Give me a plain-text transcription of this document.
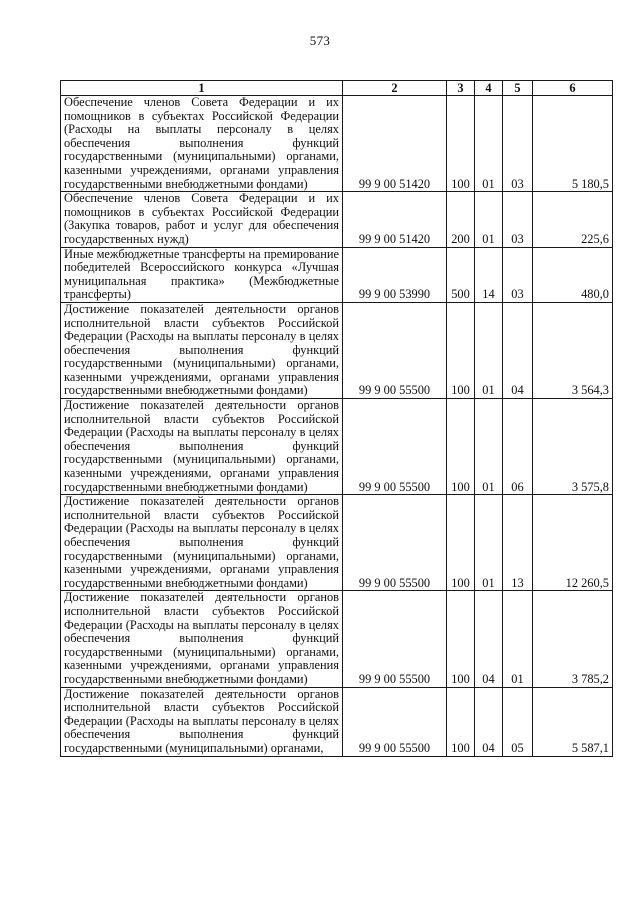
573
1	2	3	4	5	6
Обеспечение членов Совета Федерации и их помощников в субъектах Российской Федерации (Расходы на выплаты персоналу в целях обеспечения выполнения функций государственными (муниципальными) органами, казенными учреждениями, органами управления государственными внебюджетными фондами)	99 9 00 51420	100	01	03	5 180,5
Обеспечение членов Совета Федерации и их помощников в субъектах Российской Федерации (Закупка товаров, работ и услуг для обеспечения государственных нужд)	99 9 00 51420	200	01	03	225,6
Иные межбюджетные трансферты на премирование победителей Всероссийского конкурса «Лучшая муниципальная практика» (Межбюджетные трансферты)	99 9 00 53990	500	14	03	480,0
Достижение показателей деятельности органов исполнительной власти субъектов Российской Федерации (Расходы на выплаты персоналу в целях обеспечения выполнения функций государственными (муниципальными) органами, казенными учреждениями, органами управления государственными внебюджетными фондами)	99 9 00 55500	100	01	04	3 564,3
Достижение показателей деятельности органов исполнительной власти субъектов Российской Федерации (Расходы на выплаты персоналу в целях обеспечения выполнения функций государственными (муниципальными) органами, казенными учреждениями, органами управления государственными внебюджетными фондами)	99 9 00 55500	100	01	06	3 575,8
Достижение показателей деятельности органов исполнительной власти субъектов Российской Федерации (Расходы на выплаты персоналу в целях обеспечения выполнения функций государственными (муниципальными) органами, казенными учреждениями, органами управления государственными внебюджетными фондами)	99 9 00 55500	100	01	13	12 260,5
Достижение показателей деятельности органов исполнительной власти субъектов Российской Федерации (Расходы на выплаты персоналу в целях обеспечения выполнения функций государственными (муниципальными) органами, казенными учреждениями, органами управления государственными внебюджетными фондами)	99 9 00 55500	100	04	01	3 785,2
Достижение показателей деятельности органов исполнительной власти субъектов Российской Федерации (Расходы на выплаты персоналу в целях обеспечения выполнения функций государственными (муниципальными) органами,	99 9 00 55500	100	04	05	5 587,1
